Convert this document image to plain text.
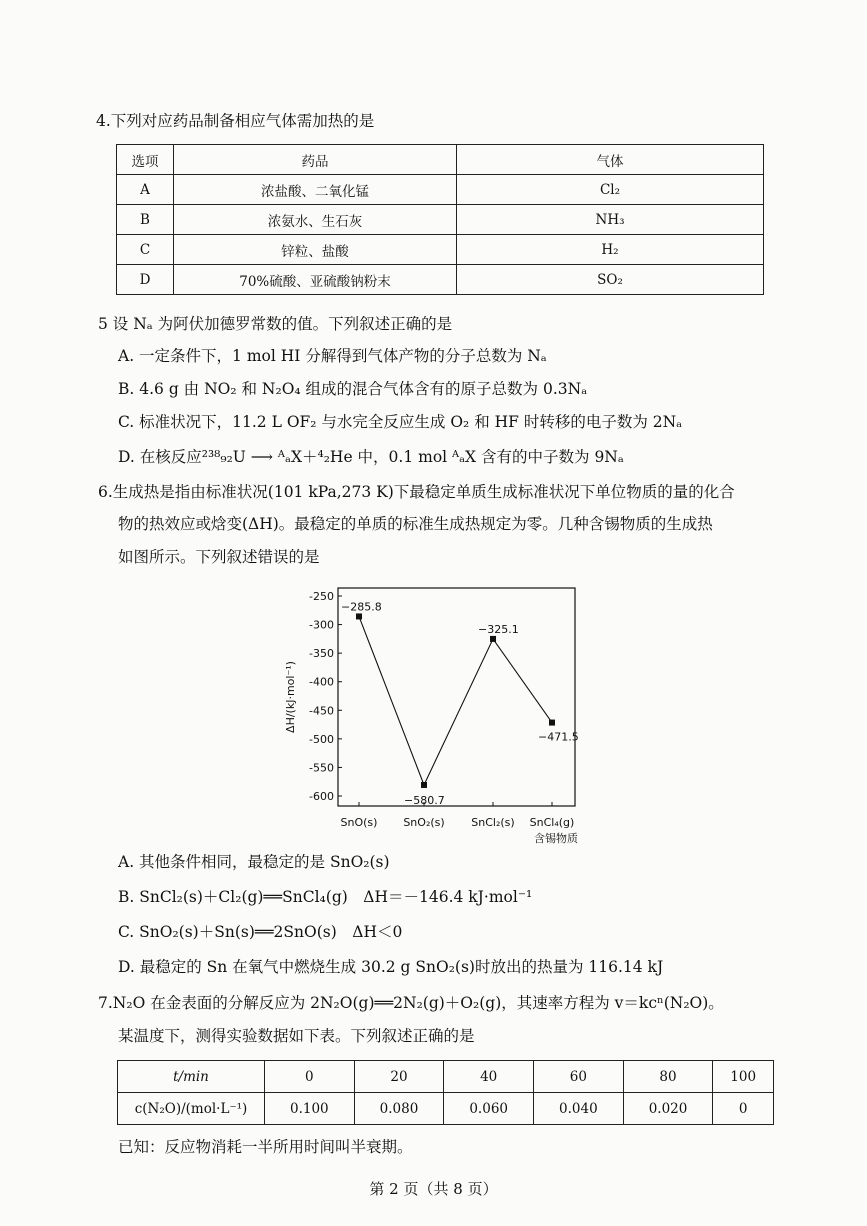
4.下列对应药品制备相应气体需加热的是
选项	药品	气体
A	浓盐酸、二氧化锰	Cl₂
B	浓氨水、生石灰	NH₃
C	锌粒、盐酸	H₂
D	70%硫酸、亚硫酸钠粉末	SO₂
5 设 Nₐ 为阿伏加德罗常数的值。下列叙述正确的是
A. 一定条件下，1 mol HI 分解得到气体产物的分子总数为 Nₐ
B. 4.6 g 由 NO₂ 和 N₂O₄ 组成的混合气体含有的原子总数为 0.3Nₐ
C. 标准状况下，11.2 L OF₂ 与水完全反应生成 O₂ 和 HF 时转移的电子数为 2Nₐ
D. 在核反应²³⁸₉₂U ⟶ ᴬₐX＋⁴₂He 中，0.1 mol ᴬₐX 含有的中子数为 9Nₐ
6.生成热是指由标准状况(101 kPa,273 K)下最稳定单质生成标准状况下单位物质的量的化合
物的热效应或焓变(ΔH)。最稳定的单质的标准生成热规定为零。几种含锡物质的生成热
如图所示。下列叙述错误的是
ΔH/(kJ·mol⁻¹)
-250
-300
-350
-400
-450
-500
-550
-600
SnO(s) SnO₂(s) SnCl₂(s) SnCl₄(g)
−285.8
−580.7
−325.1
−471.5
含锡物质
A. 其他条件相同，最稳定的是 SnO₂(s)
B. SnCl₂(s)＋Cl₂(g)══SnCl₄(g)　ΔH＝－146.4 kJ·mol⁻¹
C. SnO₂(s)＋Sn(s)══2SnO(s)　ΔH＜0
D. 最稳定的 Sn 在氧气中燃烧生成 30.2 g SnO₂(s)时放出的热量为 116.14 kJ
7.N₂O 在金表面的分解反应为 2N₂O(g)══2N₂(g)＋O₂(g)，其速率方程为 v＝kcⁿ(N₂O)。
某温度下，测得实验数据如下表。下列叙述正确的是
t/min	0	20	40	60	80	100
c(N₂O)/(mol·L⁻¹)	0.100	0.080	0.060	0.040	0.020	0
已知：反应物消耗一半所用时间叫半衰期。
第 2 页（共 8 页）
